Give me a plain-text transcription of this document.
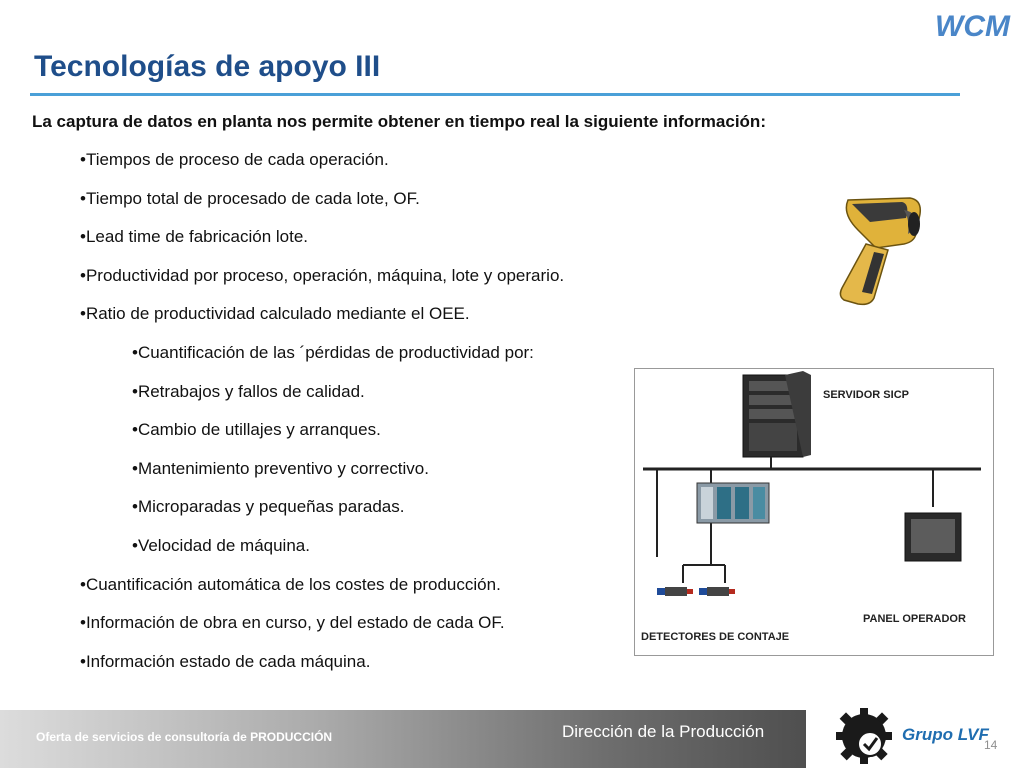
WCM
Tecnologías de apoyo III
La captura de datos en planta nos permite obtener en tiempo real la siguiente información:
•Tiempos de proceso de cada operación.
•Tiempo total de procesado de cada lote, OF.
•Lead time de fabricación lote.
•Productividad por proceso, operación, máquina, lote y operario.
•Ratio de productividad calculado mediante el OEE.
•Cuantificación de las ´pérdidas de productividad por:
•Retrabajos y fallos de calidad.
•Cambio de utillajes y arranques.
•Mantenimiento preventivo y correctivo.
•Microparadas y pequeñas paradas.
•Velocidad de máquina.
•Cuantificación automática de los costes de producción.
•Información de obra en curso, y del estado de cada OF.
•Información estado de cada máquina.
SERVIDOR SICP
PANEL OPERADOR
DETECTORES DE CONTAJE
Oferta de servicios de consultoría de PRODUCCIÓN	Dirección de la Producción	Grupo LVF
14
